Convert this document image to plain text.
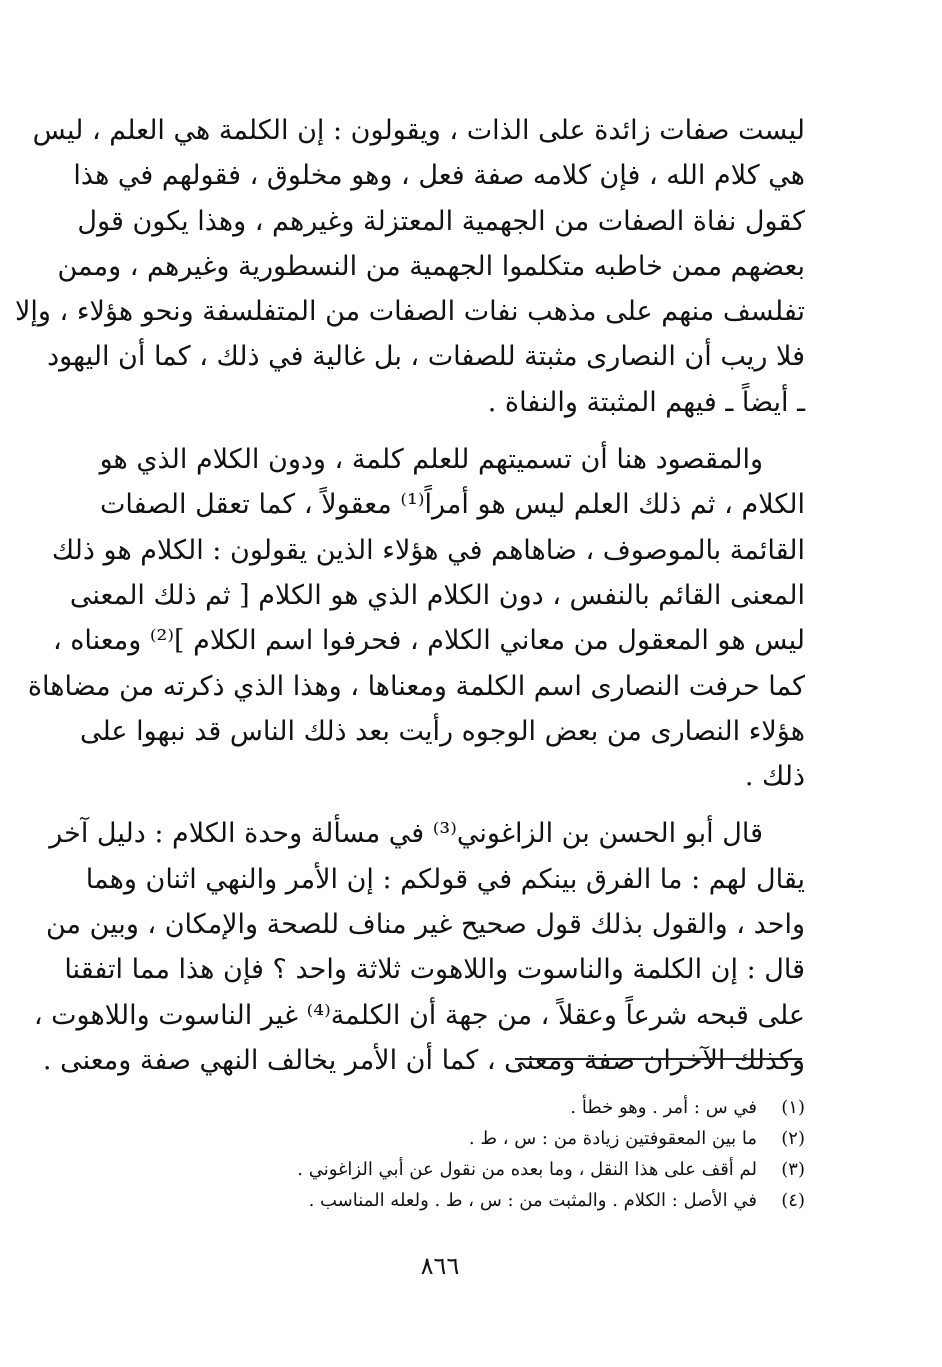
ليست صفات زائدة على الذات ، ويقولون : إن الكلمة هي العلم ، ليس
هي كلام الله ، فإن كلامه صفة فعل ، وهو مخلوق ، فقولهم في هذا
كقول نفاة الصفات من الجهمية المعتزلة وغيرهم ، وهذا يكون قول
بعضهم ممن خاطبه متكلموا الجهمية من النسطورية وغيرهم ، وممن
تفلسف منهم على مذهب نفات الصفات من المتفلسفة ونحو هؤلاء ، وإلا
فلا ريب أن النصارى مثبتة للصفات ، بل غالية في ذلك ، كما أن اليهود
ـ أيضاً ـ فيهم المثبتة والنفاة .
والمقصود هنا أن تسميتهم للعلم كلمة ، ودون الكلام الذي هو
الكلام ، ثم ذلك العلم ليس هو أمراً⁽¹⁾ معقولاً ، كما تعقل الصفات
القائمة بالموصوف ، ضاهاهم في هؤلاء الذين يقولون : الكلام هو ذلك
المعنى القائم بالنفس ، دون الكلام الذي هو الكلام [ ثم ذلك المعنى
ليس هو المعقول من معاني الكلام ، فحرفوا اسم الكلام ]⁽²⁾ ومعناه ،
كما حرفت النصارى اسم الكلمة ومعناها ، وهذا الذي ذكرته من مضاهاة
هؤلاء النصارى من بعض الوجوه رأيت بعد ذلك الناس قد نبهوا على
ذلك .
قال أبو الحسن بن الزاغوني⁽³⁾ في مسألة وحدة الكلام : دليل آخر
يقال لهم : ما الفرق بينكم في قولكم : إن الأمر والنهي اثنان وهما
واحد ، والقول بذلك قول صحيح غير مناف للصحة والإمكان ، وبين من
قال : إن الكلمة والناسوت واللاهوت ثلاثة واحد ؟ فإن هذا مما اتفقنا
على قبحه شرعاً وعقلاً ، من جهة أن الكلمة⁽⁴⁾ غير الناسوت واللاهوت ،
وكذلك الآخران صفة ومعنى ، كما أن الأمر يخالف النهي صفة ومعنى .
(١)في س : أمر . وهو خطأ .
(٢)ما بين المعقوفتين زيادة من : س ، ط .
(٣)لم أقف على هذا النقل ، وما بعده من نقول عن أبي الزاغوني .
(٤)في الأصل : الكلام . والمثبت من : س ، ط . ولعله المناسب .
٨٦٦
